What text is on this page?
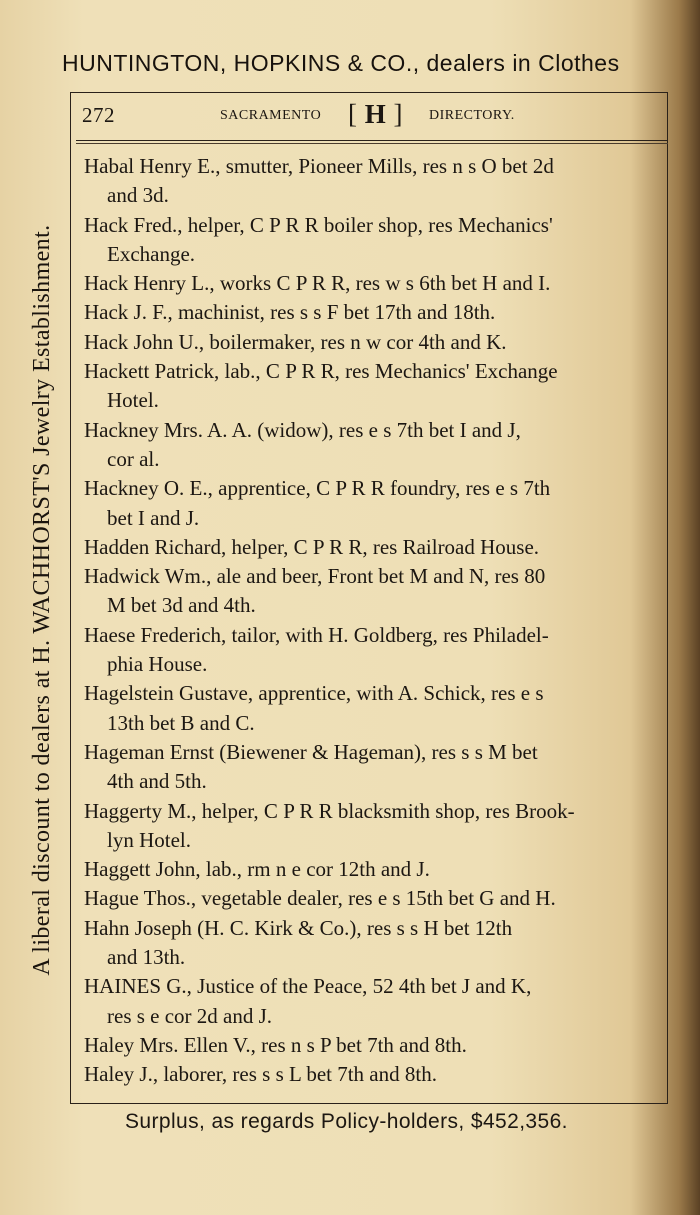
HUNTINGTON, HOPKINS & CO., dealers in Clothes
A liberal discount to dealers at H. WACHHORST'S Jewelry Establishment.
272	SACRAMENTO [ H ] DIRECTORY.
Habal Henry E., smutter, Pioneer Mills, res n s O bet 2d
and 3d.
Hack Fred., helper, C P R R boiler shop, res Mechanics'
Exchange.
Hack Henry L., works C P R R, res w s 6th bet H and I.
Hack J. F., machinist, res s s F bet 17th and 18th.
Hack John U., boilermaker, res n w cor 4th and K.
Hackett Patrick, lab., C P R R, res Mechanics' Exchange
Hotel.
Hackney Mrs. A. A. (widow), res e s 7th bet I and J,
cor al.
Hackney O. E., apprentice, C P R R foundry, res e s 7th
bet I and J.
Hadden Richard, helper, C P R R, res Railroad House.
Hadwick Wm., ale and beer, Front bet M and N, res 80
M bet 3d and 4th.
Haese Frederich, tailor, with H. Goldberg, res Philadel-
phia House.
Hagelstein Gustave, apprentice, with A. Schick, res e s
13th bet B and C.
Hageman Ernst (Biewener & Hageman), res s s M bet
4th and 5th.
Haggerty M., helper, C P R R blacksmith shop, res Brook-
lyn Hotel.
Haggett John, lab., rm n e cor 12th and J.
Hague Thos., vegetable dealer, res e s 15th bet G and H.
Hahn Joseph (H. C. Kirk & Co.), res s s H bet 12th
and 13th.
HAINES G., Justice of the Peace, 52 4th bet J and K,
res s e cor 2d and J.
Haley Mrs. Ellen V., res n s P bet 7th and 8th.
Haley J., laborer, res s s L bet 7th and 8th.
Surplus, as regards Policy-holders, $452,356.
